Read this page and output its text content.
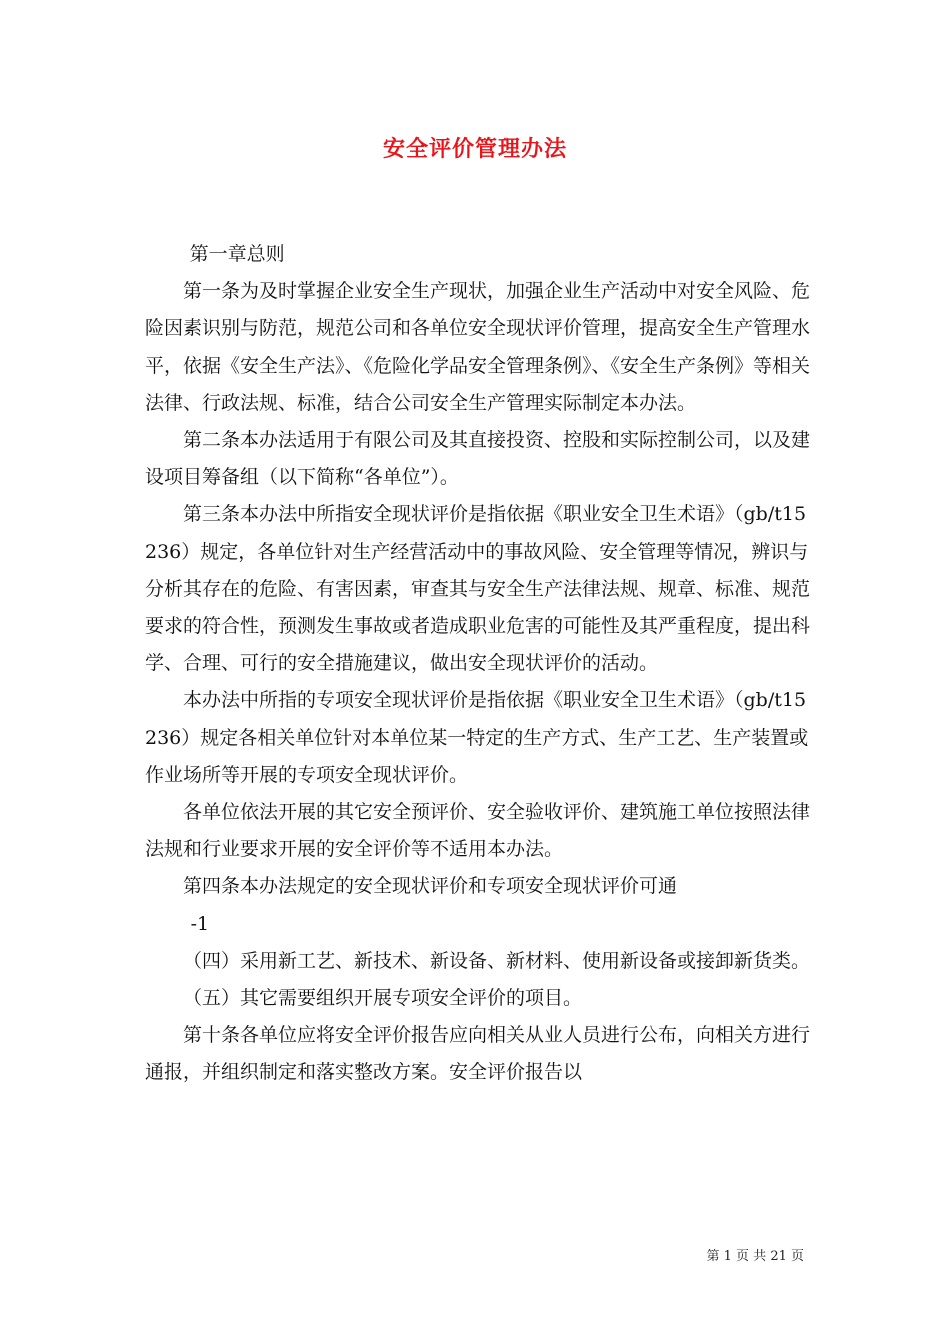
安全评价管理办法

第一章总则

第一条为及时掌握企业安全生产现状，加强企业生产活动中对安全风险、危险因素识别与防范，规范公司和各单位安全现状评价管理，提高安全生产管理水平，依据《安全生产法》、《危险化学品安全管理条例》、《安全生产条例》等相关法律、行政法规、标准，结合公司安全生产管理实际制定本办法。

第二条本办法适用于有限公司及其直接投资、控股和实际控制公司，以及建设项目筹备组（以下简称“各单位”）。

第三条本办法中所指安全现状评价是指依据《职业安全卫生术语》（gb/t15236）规定，各单位针对生产经营活动中的事故风险、安全管理等情况，辨识与分析其存在的危险、有害因素，审查其与安全生产法律法规、规章、标准、规范要求的符合性，预测发生事故或者造成职业危害的可能性及其严重程度，提出科学、合理、可行的安全措施建议，做出安全现状评价的活动。

本办法中所指的专项安全现状评价是指依据《职业安全卫生术语》（gb/t15236）规定各相关单位针对本单位某一特定的生产方式、生产工艺、生产装置或作业场所等开展的专项安全现状评价。

各单位依法开展的其它安全预评价、安全验收评价、建筑施工单位按照法律法规和行业要求开展的安全评价等不适用本办法。

第四条本办法规定的安全现状评价和专项安全现状评价可通

-1

（四）采用新工艺、新技术、新设备、新材料、使用新设备或接卸新货类。

（五）其它需要组织开展专项安全评价的项目。

第十条各单位应将安全评价报告应向相关从业人员进行公布，向相关方进行通报，并组织制定和落实整改方案。安全评价报告以

第 1 页 共 21 页
